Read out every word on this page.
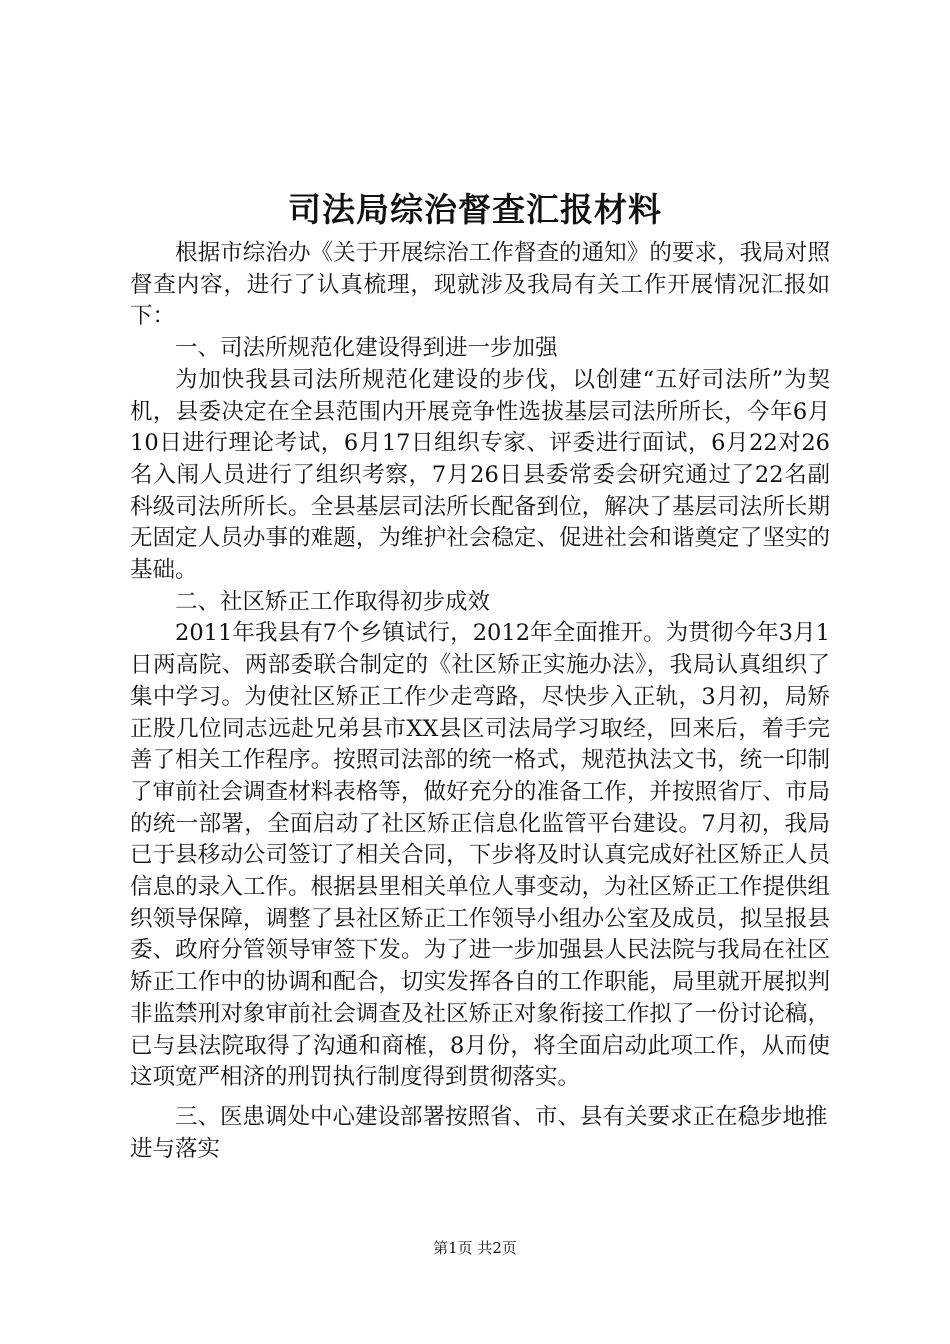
司法局综治督查汇报材料

根据市综治办《关于开展综治工作督查的通知》的要求，我局对照督查内容，进行了认真梳理，现就涉及我局有关工作开展情况汇报如下：

一、司法所规范化建设得到进一步加强

为加快我县司法所规范化建设的步伐，以创建“五好司法所”为契机，县委决定在全县范围内开展竞争性选拔基层司法所所长，今年6月10日进行理论考试，6月17日组织专家、评委进行面试，6月22对26名入闱人员进行了组织考察，7月26日县委常委会研究通过了22名副科级司法所所长。全县基层司法所长配备到位，解决了基层司法所长期无固定人员办事的难题，为维护社会稳定、促进社会和谐奠定了坚实的基础。

二、社区矫正工作取得初步成效

2011年我县有7个乡镇试行，2012年全面推开。为贯彻今年3月1日两高院、两部委联合制定的《社区矫正实施办法》，我局认真组织了集中学习。为使社区矫正工作少走弯路，尽快步入正轨，3月初，局矫正股几位同志远赴兄弟县市XX县区司法局学习取经，回来后，着手完善了相关工作程序。按照司法部的统一格式，规范执法文书，统一印制了审前社会调查材料表格等，做好充分的准备工作，并按照省厅、市局的统一部署，全面启动了社区矫正信息化监管平台建设。7月初，我局已于县移动公司签订了相关合同，下步将及时认真完成好社区矫正人员信息的录入工作。根据县里相关单位人事变动，为社区矫正工作提供组织领导保障，调整了县社区矫正工作领导小组办公室及成员，拟呈报县委、政府分管领导审签下发。为了进一步加强县人民法院与我局在社区矫正工作中的协调和配合，切实发挥各自的工作职能，局里就开展拟判非监禁刑对象审前社会调查及社区矫正对象衔接工作拟了一份讨论稿，已与县法院取得了沟通和商榷，8月份，将全面启动此项工作，从而使这项宽严相济的刑罚执行制度得到贯彻落实。

三、医患调处中心建设部署按照省、市、县有关要求正在稳步地推进与落实

第1页 共2页
